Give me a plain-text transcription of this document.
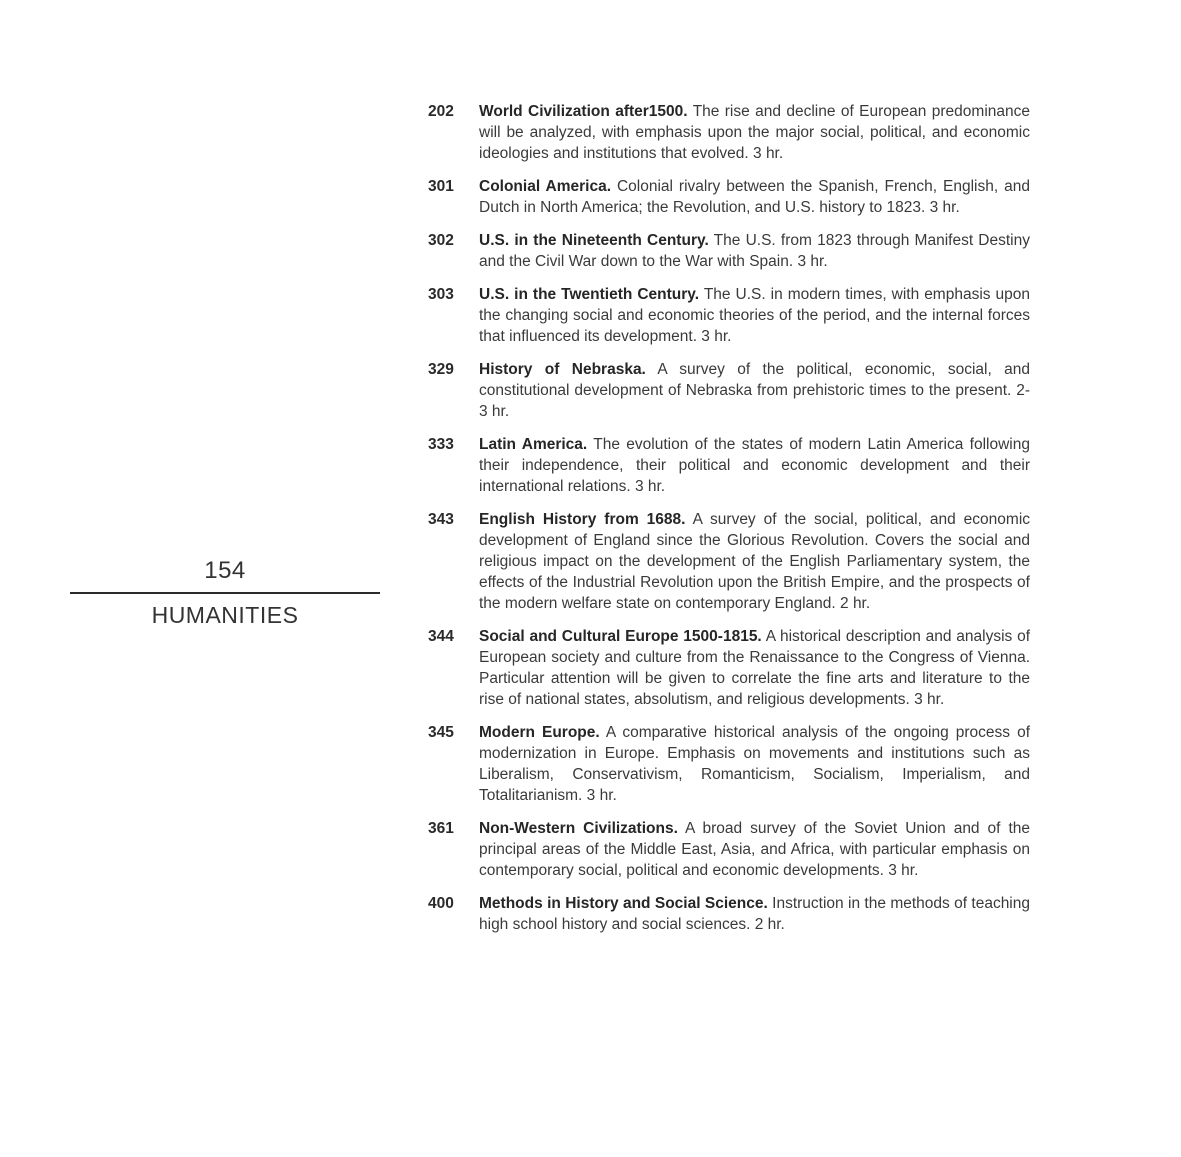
154
HUMANITIES
202	World Civilization after1500. The rise and decline of European predominance will be analyzed, with emphasis upon the major social, political, and economic ideologies and institutions that evolved. 3 hr.
301	Colonial America. Colonial rivalry between the Spanish, French, English, and Dutch in North America; the Revolution, and U.S. history to 1823. 3 hr.
302	U.S. in the Nineteenth Century. The U.S. from 1823 through Manifest Destiny and the Civil War down to the War with Spain. 3 hr.
303	U.S. in the Twentieth Century. The U.S. in modern times, with emphasis upon the changing social and economic theories of the period, and the internal forces that influenced its development. 3 hr.
329	History of Nebraska. A survey of the political, economic, social, and constitutional development of Nebraska from prehistoric times to the present. 2-3 hr.
333	Latin America. The evolution of the states of modern Latin America following their independence, their political and economic development and their international relations. 3 hr.
343	English History from 1688. A survey of the social, political, and economic development of England since the Glorious Revolution. Covers the social and religious impact on the development of the English Parliamentary system, the effects of the Industrial Revolution upon the British Empire, and the prospects of the modern welfare state on contemporary England. 2 hr.
344	Social and Cultural Europe 1500-1815. A historical description and analysis of European society and culture from the Renaissance to the Congress of Vienna. Particular attention will be given to correlate the fine arts and literature to the rise of national states, absolutism, and religious developments. 3 hr.
345	Modern Europe. A comparative historical analysis of the ongoing process of modernization in Europe. Emphasis on movements and institutions such as Liberalism, Conservativism, Romanticism, Socialism, Imperialism, and Totalitarianism. 3 hr.
361	Non-Western Civilizations. A broad survey of the Soviet Union and of the principal areas of the Middle East, Asia, and Africa, with particular emphasis on contemporary social, political and economic developments. 3 hr.
400	Methods in History and Social Science. Instruction in the methods of teaching high school history and social sciences. 2 hr.
